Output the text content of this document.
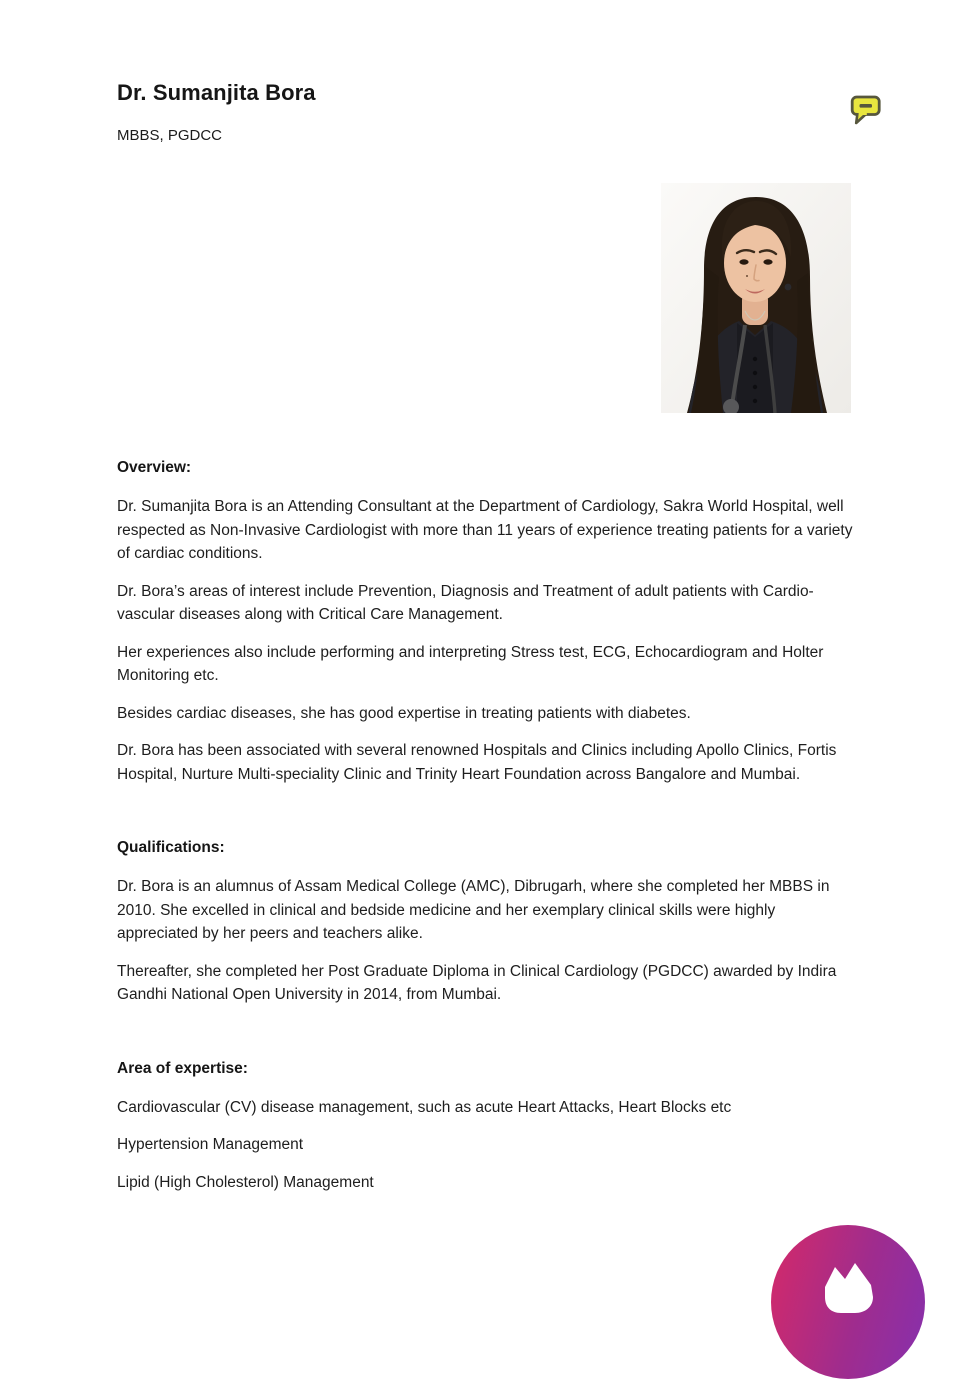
Dr. Sumanjita Bora
MBBS, PGDCC
Overview:

Dr. Sumanjita Bora is an Attending Consultant at the Department of Cardiology, Sakra World Hospital, well respected as Non-Invasive Cardiologist with more than 11 years of experience treating patients for a variety of cardiac conditions.

Dr. Bora’s areas of interest include Prevention, Diagnosis and Treatment of adult patients with Cardio-vascular diseases along with Critical Care Management.

Her experiences also include performing and interpreting Stress test, ECG, Echocardiogram and Holter Monitoring etc.

Besides cardiac diseases, she has good expertise in treating patients with diabetes.

Dr. Bora has been associated with several renowned Hospitals and Clinics including Apollo Clinics, Fortis Hospital, Nurture Multi-speciality Clinic and Trinity Heart Foundation across Bangalore and Mumbai.

Qualifications:

Dr. Bora is an alumnus of Assam Medical College (AMC), Dibrugarh, where she completed her MBBS in 2010. She excelled in clinical and bedside medicine and her exemplary clinical skills were highly appreciated by her peers and teachers alike.

Thereafter, she completed her Post Graduate Diploma in Clinical Cardiology (PGDCC) awarded by Indira Gandhi National Open University in 2014, from Mumbai.

Area of expertise:

Cardiovascular (CV) disease management, such as acute Heart Attacks, Heart Blocks etc

Hypertension Management

Lipid (High Cholesterol) Management
